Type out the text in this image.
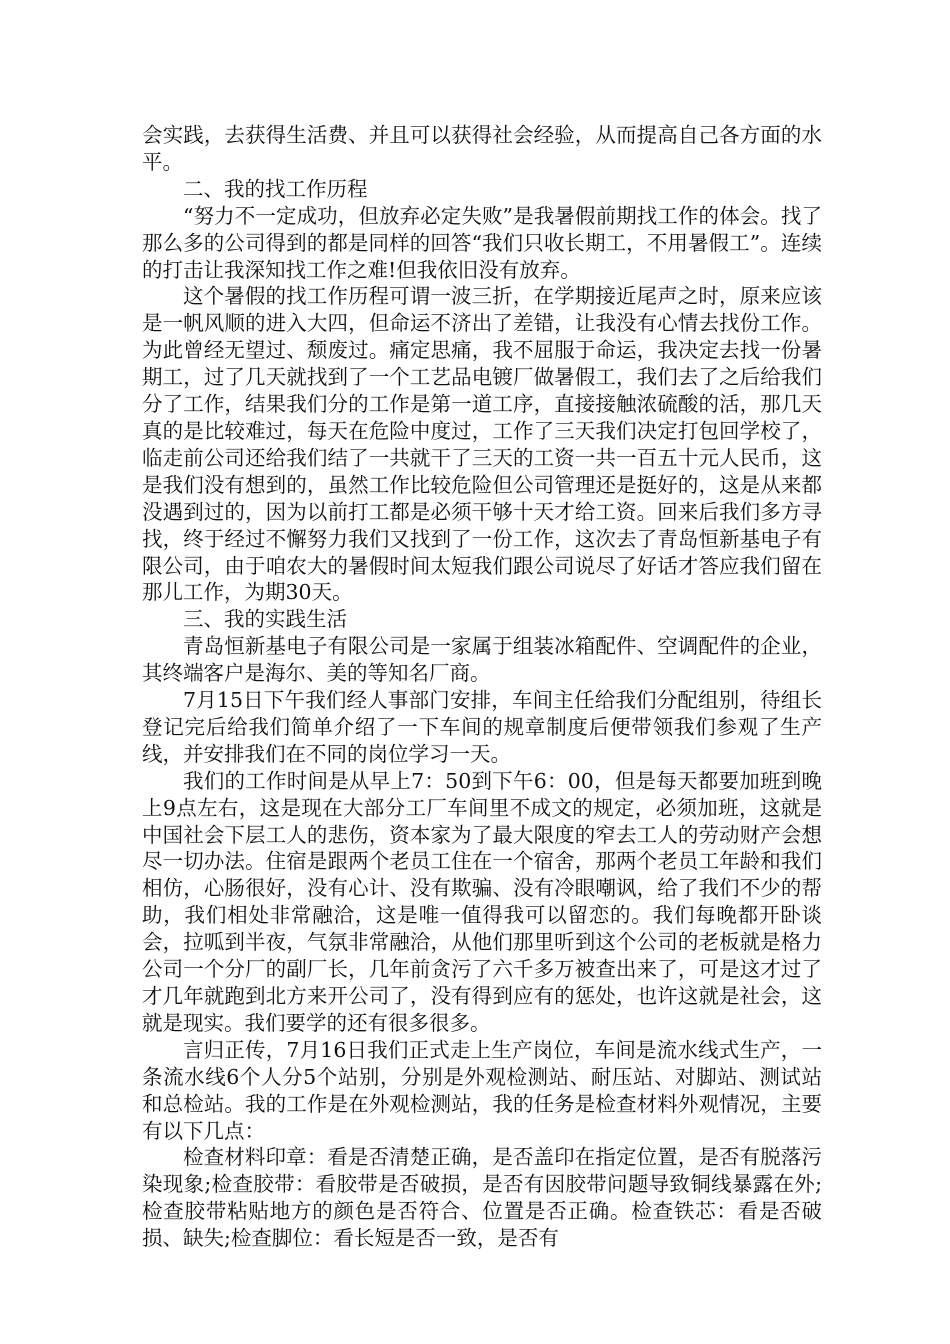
会实践，去获得生活费、并且可以获得社会经验，从而提高自己各方面的水平。

二、我的找工作历程

“努力不一定成功，但放弃必定失败”是我暑假前期找工作的体会。找了那么多的公司得到的都是同样的回答“我们只收长期工，不用暑假工”。连续的打击让我深知找工作之难!但我依旧没有放弃。

这个暑假的找工作历程可谓一波三折，在学期接近尾声之时，原来应该是一帆风顺的进入大四，但命运不济出了差错，让我没有心情去找份工作。为此曾经无望过、颓废过。痛定思痛，我不屈服于命运，我决定去找一份暑期工，过了几天就找到了一个工艺品电镀厂做暑假工，我们去了之后给我们分了工作，结果我们分的工作是第一道工序，直接接触浓硫酸的活，那几天真的是比较难过，每天在危险中度过，工作了三天我们决定打包回学校了，临走前公司还给我们结了一共就干了三天的工资一共一百五十元人民币，这是我们没有想到的，虽然工作比较危险但公司管理还是挺好的，这是从来都没遇到过的，因为以前打工都是必须干够十天才给工资。回来后我们多方寻找，终于经过不懈努力我们又找到了一份工作，这次去了青岛恒新基电子有限公司，由于咱农大的暑假时间太短我们跟公司说尽了好话才答应我们留在那儿工作，为期30天。

三、我的实践生活

青岛恒新基电子有限公司是一家属于组装冰箱配件、空调配件的企业，其终端客户是海尔、美的等知名厂商。

7月15日下午我们经人事部门安排，车间主任给我们分配组别，待组长登记完后给我们简单介绍了一下车间的规章制度后便带领我们参观了生产线，并安排我们在不同的岗位学习一天。

我们的工作时间是从早上7：50到下午6：00，但是每天都要加班到晚上9点左右，这是现在大部分工厂车间里不成文的规定，必须加班，这就是中国社会下层工人的悲伤，资本家为了最大限度的窄去工人的劳动财产会想尽一切办法。住宿是跟两个老员工住在一个宿舍，那两个老员工年龄和我们相仿，心肠很好，没有心计、没有欺骗、没有冷眼嘲讽，给了我们不少的帮助，我们相处非常融洽，这是唯一值得我可以留恋的。我们每晚都开卧谈会，拉呱到半夜，气氛非常融洽，从他们那里听到这个公司的老板就是格力公司一个分厂的副厂长，几年前贪污了六千多万被查出来了，可是这才过了才几年就跑到北方来开公司了，没有得到应有的惩处，也许这就是社会，这就是现实。我们要学的还有很多很多。

言归正传，7月16日我们正式走上生产岗位，车间是流水线式生产，一条流水线6个人分5个站别，分别是外观检测站、耐压站、对脚站、测试站和总检站。我的工作是在外观检测站，我的任务是检查材料外观情况，主要有以下几点：

检查材料印章：看是否清楚正确，是否盖印在指定位置，是否有脱落污染现象;检查胶带：看胶带是否破损，是否有因胶带问题导致铜线暴露在外;检查胶带粘贴地方的颜色是否符合、位置是否正确。检查铁芯：看是否破损、缺失;检查脚位：看长短是否一致，是否有
